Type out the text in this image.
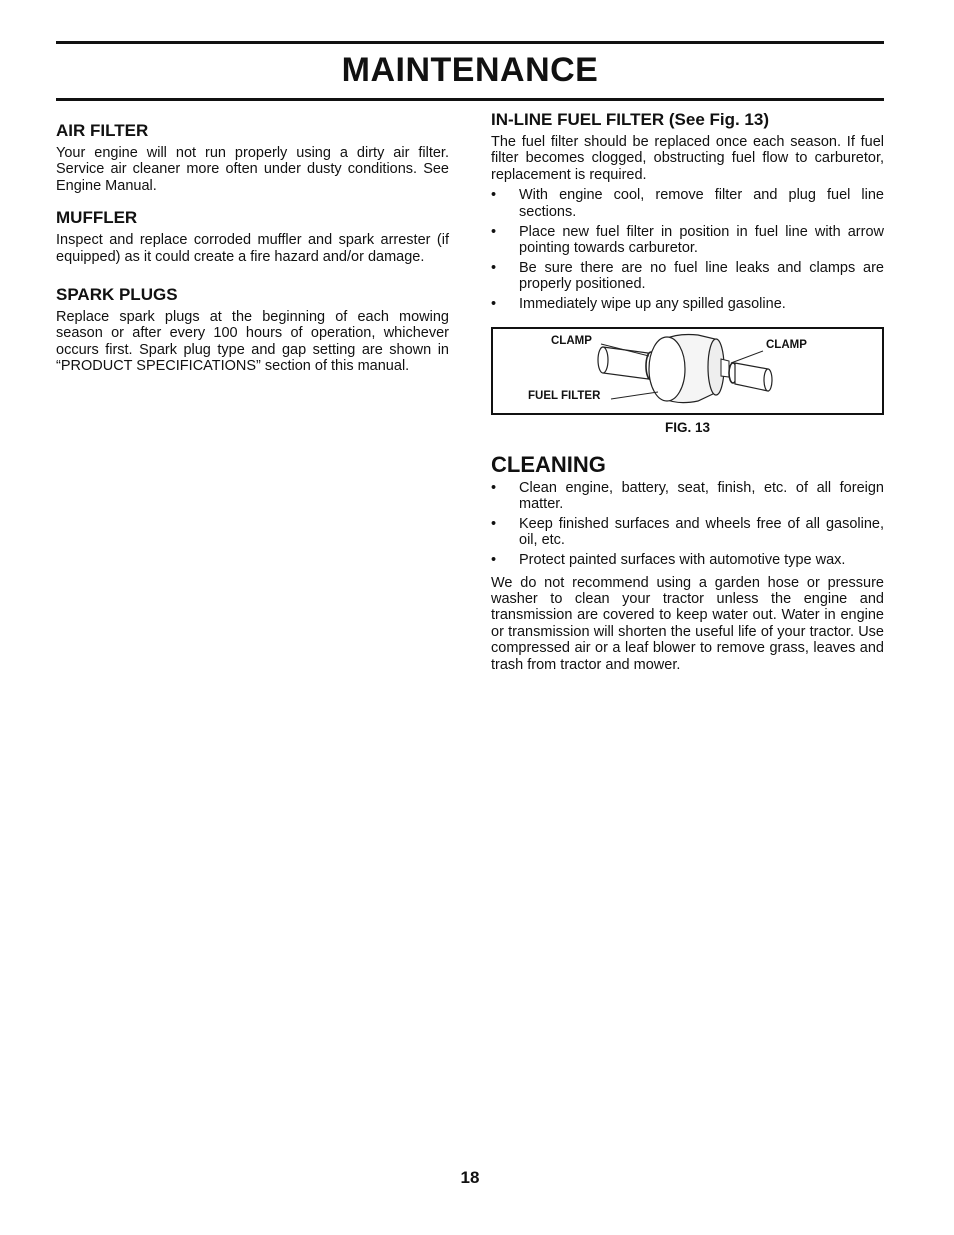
MAINTENANCE
AIR FILTER

Your engine will not run properly using a dirty air filter. Service air cleaner more often under dusty conditions. See Engine Manual.

MUFFLER

Inspect and replace corroded muffler and spark arrester (if equipped) as it could create a fire hazard and/or damage.

SPARK PLUGS

Replace spark plugs at the beginning of each mowing season or after every 100 hours of operation, whichever occurs first. Spark plug type and gap setting are shown in “PRODUCT SPECIFICATIONS” section of this manual.

IN-LINE FUEL FILTER (See Fig. 13)

The fuel filter should be replaced once each season. If fuel filter becomes clogged, obstructing fuel flow to carburetor, replacement is required.

• With engine cool, remove filter and plug fuel line sections.
• Place new fuel filter in position in fuel line with arrow pointing towards carburetor.
• Be sure there are no fuel line leaks and clamps are properly positioned.
• Immediately wipe up any spilled gasoline.
CLAMP	CLAMP
FUEL FILTER
FIG. 13
CLEANING
• Clean engine, battery, seat, finish, etc. of all foreign matter.
• Keep finished surfaces and wheels free of all gasoline, oil, etc.
• Protect painted surfaces with automotive type wax.

We do not recommend using a garden hose or pressure washer to clean your tractor unless the engine and transmission are covered to keep water out. Water in engine or transmission will shorten the useful life of your tractor. Use compressed air or a leaf blower to remove grass, leaves and trash from tractor and mower.

18
